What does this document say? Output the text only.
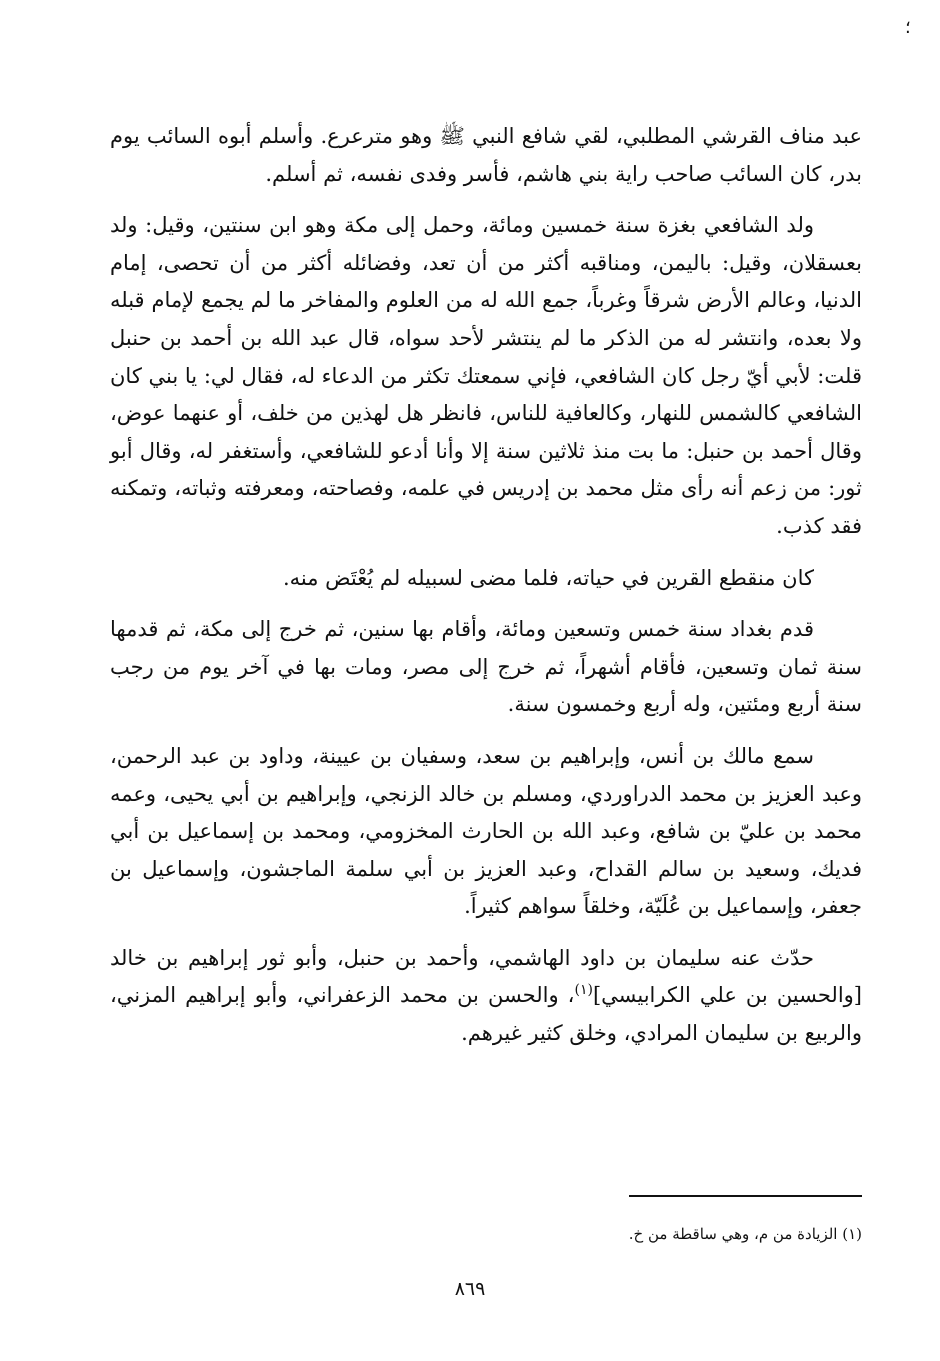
؛

عبد مناف القرشي المطلبي، لقي شافع النبي ﷺ وهو مترعرع. وأسلم أبوه السائب يوم بدر، كان السائب صاحب راية بني هاشم، فأسر وفدى نفسه، ثم أسلم.

ولد الشافعي بغزة سنة خمسين ومائة، وحمل إلى مكة وهو ابن سنتين، وقيل: ولد بعسقلان، وقيل: باليمن، ومناقبه أكثر من أن تعد، وفضائله أكثر من أن تحصى، إمام الدنيا، وعالم الأرض شرقاً وغرباً، جمع الله له من العلوم والمفاخر ما لم يجمع لإمام قبله ولا بعده، وانتشر له من الذكر ما لم ينتشر لأحد سواه، قال عبد الله بن أحمد بن حنبل قلت: لأبي أيّ رجل كان الشافعي، فإني سمعتك تكثر من الدعاء له، فقال لي: يا بني كان الشافعي كالشمس للنهار، وكالعافية للناس، فانظر هل لهذين من خلف، أو عنهما عوض، وقال أحمد بن حنبل: ما بت منذ ثلاثين سنة إلا وأنا أدعو للشافعي، وأستغفر له، وقال أبو ثور: من زعم أنه رأى مثل محمد بن إدريس في علمه، وفصاحته، ومعرفته وثباته، وتمكنه فقد كذب.

كان منقطع القرين في حياته، فلما مضى لسبيله لم يُعْتَض منه.

قدم بغداد سنة خمس وتسعين ومائة، وأقام بها سنين، ثم خرج إلى مكة، ثم قدمها سنة ثمان وتسعين، فأقام أشهراً، ثم خرج إلى مصر، ومات بها في آخر يوم من رجب سنة أربع ومئتين، وله أربع وخمسون سنة.

سمع مالك بن أنس، وإبراهيم بن سعد، وسفيان بن عيينة، وداود بن عبد الرحمن، وعبد العزيز بن محمد الدراوردي، ومسلم بن خالد الزنجي، وإبراهيم بن أبي يحيى، وعمه محمد بن عليّ بن شافع، وعبد الله بن الحارث المخزومي، ومحمد بن إسماعيل بن أبي فديك، وسعيد بن سالم القداح، وعبد العزيز بن أبي سلمة الماجشون، وإسماعيل بن جعفر، وإسماعيل بن عُلَيّة، وخلقاً سواهم كثيراً.

حدّث عنه سليمان بن داود الهاشمي، وأحمد بن حنبل، وأبو ثور إبراهيم بن خالد [والحسين بن علي الكرابيسي]$^{(١)}$، والحسن بن محمد الزعفراني، وأبو إبراهيم المزني، والربيع بن سليمان المرادي، وخلق كثير غيرهم.

(١) الزيادة من م، وهي ساقطة من خ.
٨٦٩
